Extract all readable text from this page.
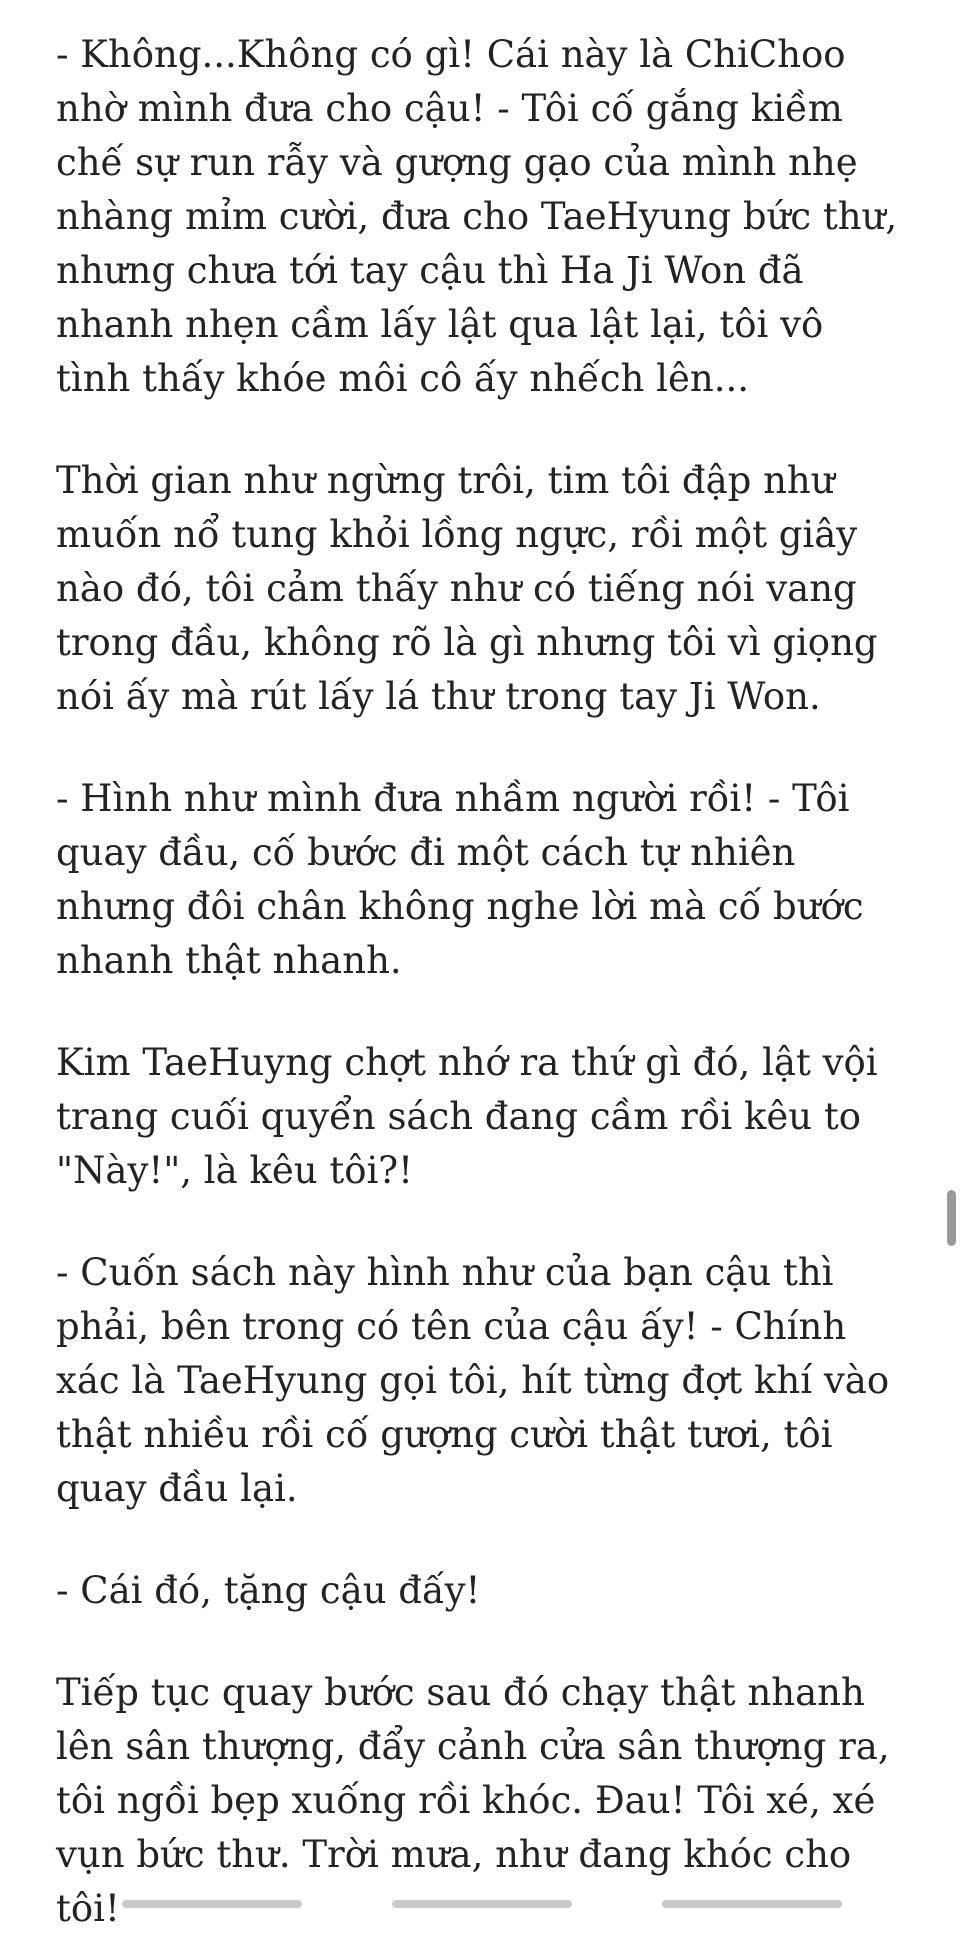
- Không...Không có gì! Cái này là ChiChoo nhờ mình đưa cho cậu! - Tôi cố gắng kiềm chế sự run rẫy và gượng gạo của mình nhẹ nhàng mỉm cười, đưa cho TaeHyung bức thư, nhưng chưa tới tay cậu thì Ha Ji Won đã nhanh nhẹn cầm lấy lật qua lật lại, tôi vô tình thấy khóe môi cô ấy nhếch lên...

Thời gian như ngừng trôi, tim tôi đập như muốn nổ tung khỏi lồng ngực, rồi một giây nào đó, tôi cảm thấy như có tiếng nói vang trong đầu, không rõ là gì nhưng tôi vì giọng nói ấy mà rút lấy lá thư trong tay Ji Won.

- Hình như mình đưa nhầm người rồi! - Tôi quay đầu, cố bước đi một cách tự nhiên nhưng đôi chân không nghe lời mà cố bước nhanh thật nhanh.

Kim TaeHuyng chợt nhớ ra thứ gì đó, lật vội trang cuối quyển sách đang cầm rồi kêu to "Này!", là kêu tôi?!

- Cuốn sách này hình như của bạn cậu thì phải, bên trong có tên của cậu ấy! - Chính xác là TaeHyung gọi tôi, hít từng đợt khí vào thật nhiều rồi cố gượng cười thật tươi, tôi quay đầu lại.

- Cái đó, tặng cậu đấy!

Tiếp tục quay bước sau đó chạy thật nhanh lên sân thượng, đẩy cảnh cửa sân thượng ra, tôi ngồi bẹp xuống rồi khóc. Đau! Tôi xé, xé vụn bức thư. Trời mưa, như đang khóc cho tôi!
